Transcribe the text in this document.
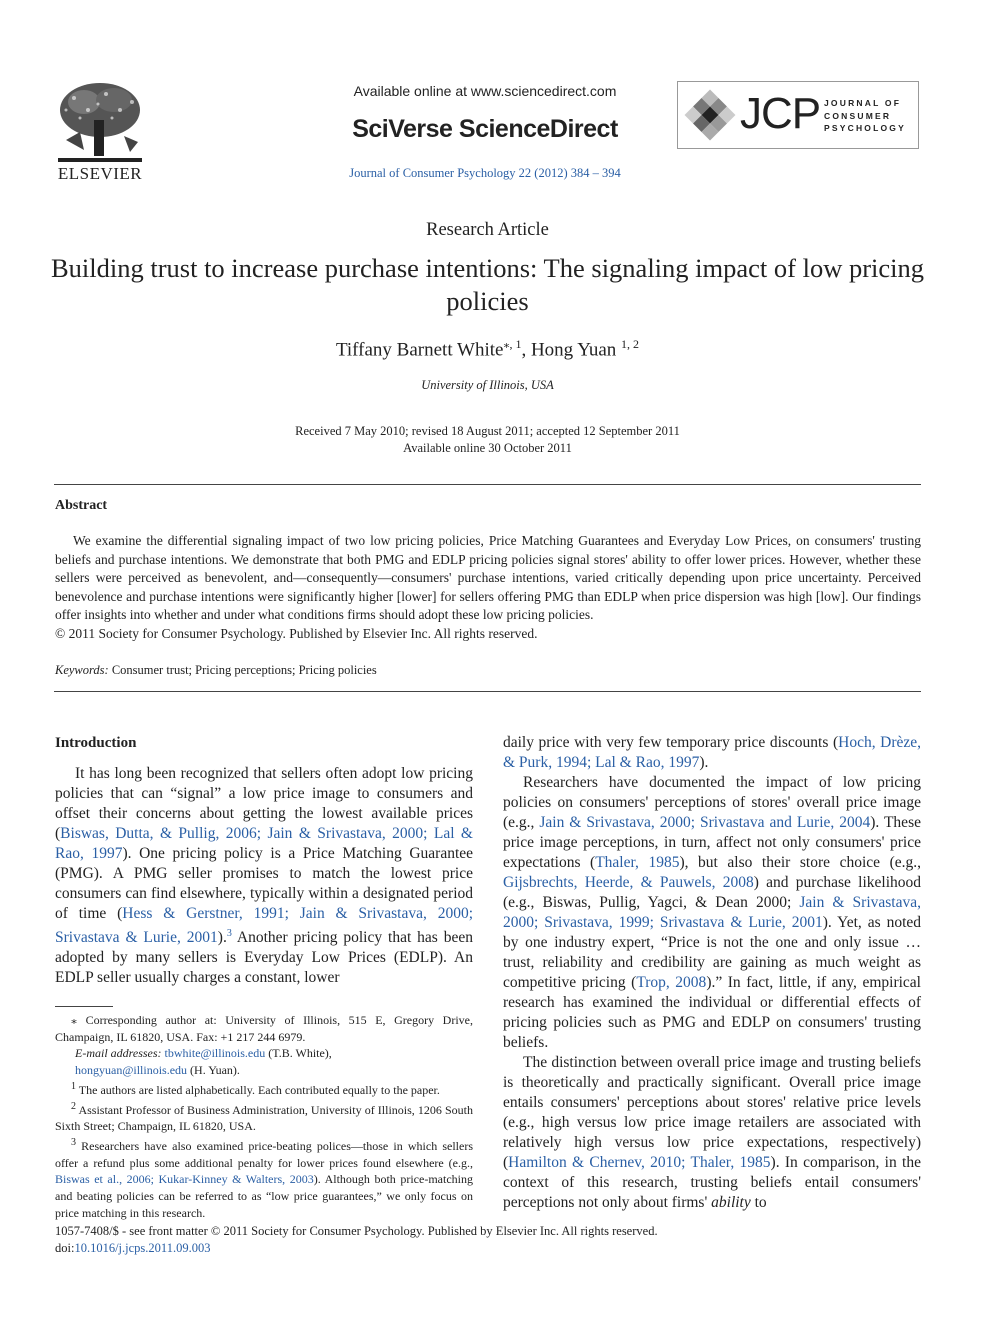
ELSEVIER
Available online at www.sciencedirect.com
SciVerse ScienceDirect
Journal of Consumer Psychology 22 (2012) 384 – 394
JCP JOURNAL OF
CONSUMER
PSYCHOLOGY
Research Article
Building trust to increase purchase intentions: The signaling impact of low pricing policies
Tiffany Barnett White$^{⁎, 1}$, Hong Yuan $^{1, 2}$
University of Illinois, USA
Received 7 May 2010; revised 18 August 2011; accepted 12 September 2011
Available online 30 October 2011
Abstract

We examine the differential signaling impact of two low pricing policies, Price Matching Guarantees and Everyday Low Prices, on consumers' trusting beliefs and purchase intentions. We demonstrate that both PMG and EDLP pricing policies signal stores' ability to offer lower prices. However, whether these sellers were perceived as benevolent, and—consequently—consumers' purchase intentions, varied critically depending upon price uncertainty. Perceived benevolence and purchase intentions were significantly higher [lower] for sellers offering PMG than EDLP when price dispersion was high [low]. Our findings offer insights into whether and under what conditions firms should adopt these low pricing policies.

© 2011 Society for Consumer Psychology. Published by Elsevier Inc. All rights reserved.
Keywords: Consumer trust; Pricing perceptions; Pricing policies
Introduction

It has long been recognized that sellers often adopt low pricing policies that can “signal” a low price image to consumers and offset their concerns about getting the lowest available prices (Biswas, Dutta, & Pullig, 2006; Jain & Srivastava, 2000; Lal & Rao, 1997). One pricing policy is a Price Matching Guarantee (PMG). A PMG seller promises to match the lowest price consumers can find elsewhere, typically within a designated period of time (Hess & Gerstner, 1991; Jain & Srivastava, 2000; Srivastava & Lurie, 2001).$^3$ Another pricing policy that has been adopted by many sellers is Everyday Low Prices (EDLP). An EDLP seller usually charges a constant, lower

⁎ Corresponding author at: University of Illinois, 515 E, Gregory Drive, Champaign, IL 61820, USA. Fax: +1 217 244 6979.

E-mail addresses: tbwhite@illinois.edu (T.B. White),
hongyuan@illinois.edu (H. Yuan).

$^1$ The authors are listed alphabetically. Each contributed equally to the paper.

$^2$ Assistant Professor of Business Administration, University of Illinois, 1206 South Sixth Street; Champaign, IL 61820, USA.

$^3$ Researchers have also examined price-beating polices—those in which sellers offer a refund plus some additional penalty for lower prices found elsewhere (e.g., Biswas et al., 2006; Kukar-Kinney & Walters, 2003). Although both price-matching and beating policies can be referred to as “low price guarantees,” we only focus on price matching in this research.

daily price with very few temporary price discounts (Hoch, Drèze, & Purk, 1994; Lal & Rao, 1997).

Researchers have documented the impact of low pricing policies on consumers' perceptions of stores' overall price image (e.g., Jain & Srivastava, 2000; Srivastava and Lurie, 2004). These price image perceptions, in turn, affect not only consumers' price expectations (Thaler, 1985), but also their store choice (e.g., Gijsbrechts, Heerde, & Pauwels, 2008) and purchase likelihood (e.g., Biswas, Pullig, Yagci, & Dean 2000; Jain & Srivastava, 2000; Srivastava, 1999; Srivastava & Lurie, 2001). Yet, as noted by one industry expert, “Price is not the one and only issue … trust, reliability and credibility are gaining as much weight as competitive pricing (Trop, 2008).” In fact, little, if any, empirical research has examined the individual or differential effects of pricing policies such as PMG and EDLP on consumers' trusting beliefs.

The distinction between overall price image and trusting beliefs is theoretically and practically significant. Overall price image entails consumers' perceptions about stores' relative price levels (e.g., high versus low price image retailers are associated with relatively high versus low price expectations, respectively) (Hamilton & Chernev, 2010; Thaler, 1985). In comparison, in the context of this research, trusting beliefs entail consumers' perceptions not only about firms' ability to

1057-7408/$ - see front matter © 2011 Society for Consumer Psychology. Published by Elsevier Inc. All rights reserved.
doi:10.1016/j.jcps.2011.09.003
